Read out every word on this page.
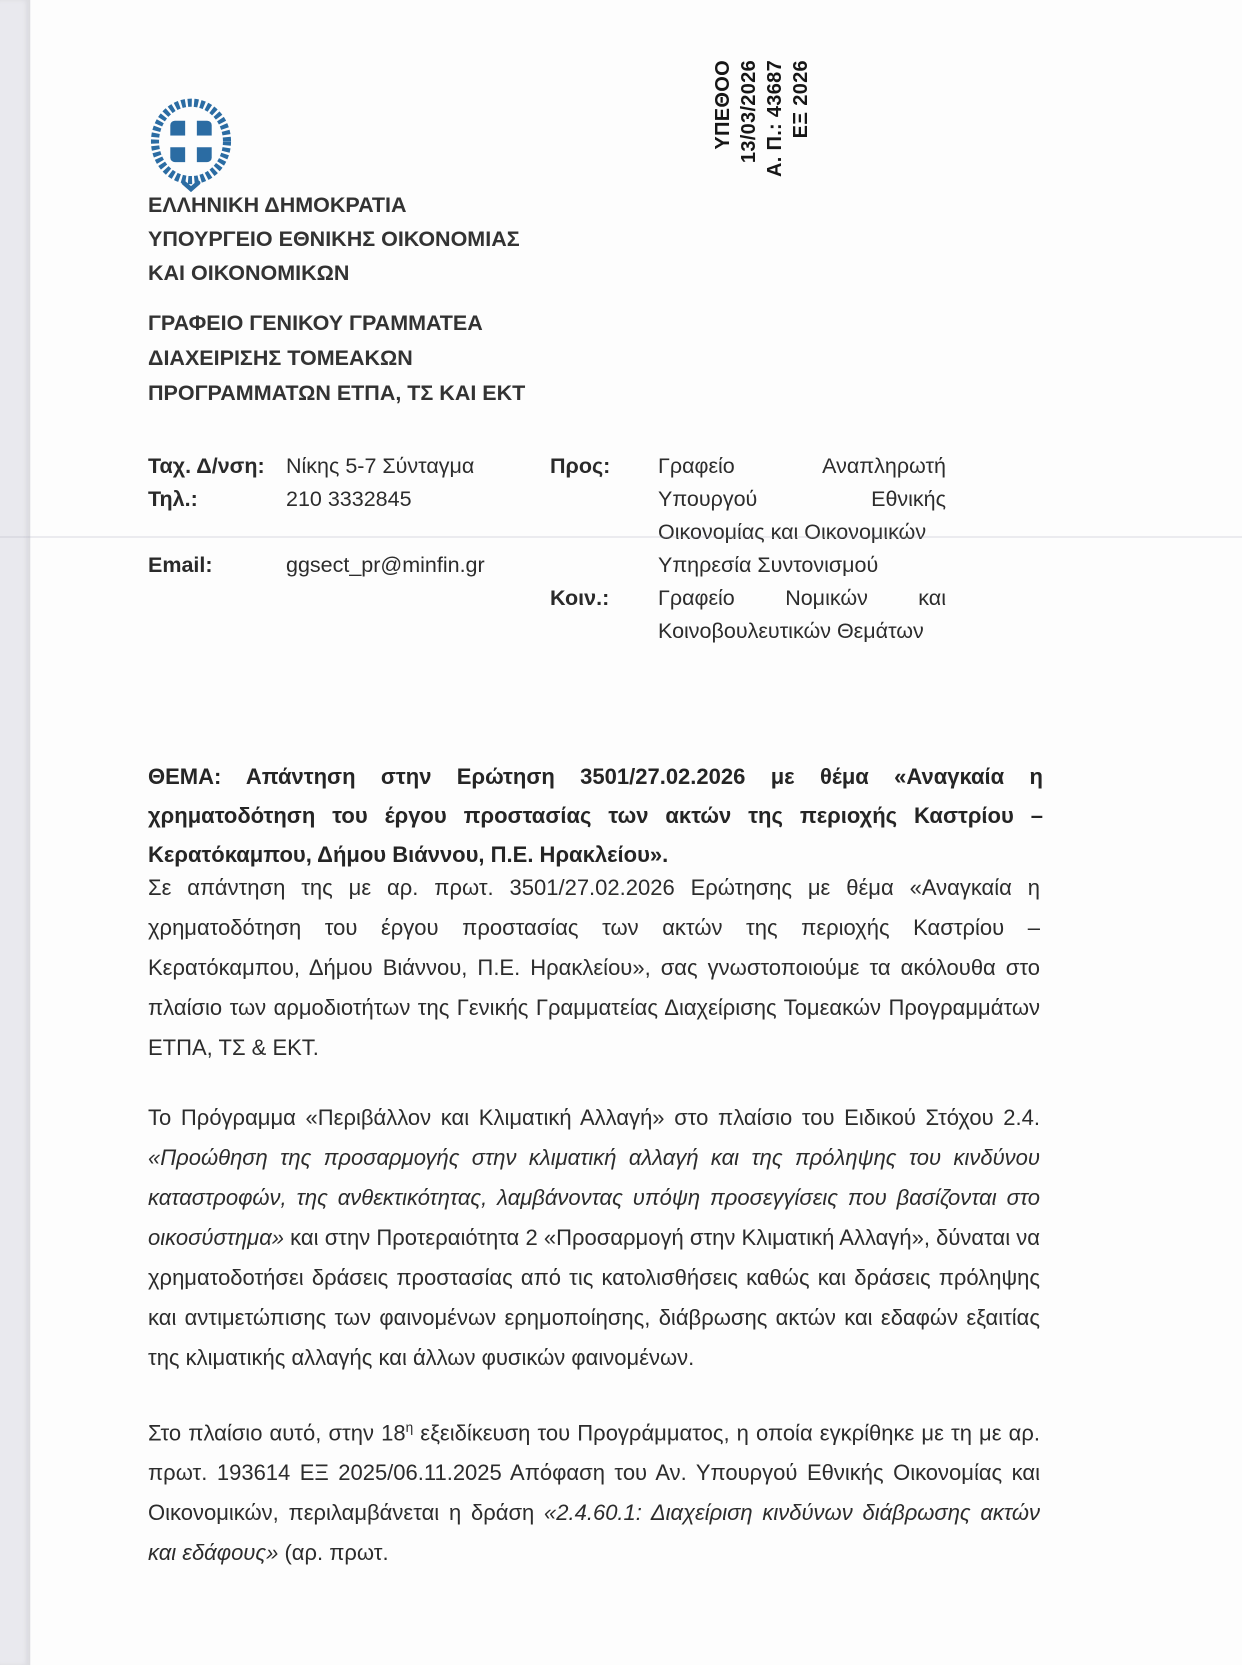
ΥΠΕΘΟΟ 13/03/2026 Α. Π.: 43687 ΕΞ 2026
ΕΛΛΗΝΙΚΗ ΔΗΜΟΚΡΑΤΙΑ
ΥΠΟΥΡΓΕΙΟ ΕΘΝΙΚΗΣ ΟΙΚΟΝΟΜΙΑΣ
ΚΑΙ ΟΙΚΟΝΟΜΙΚΩΝ
ΓΡΑΦΕΙΟ ΓΕΝΙΚΟΥ ΓΡΑΜΜΑΤΕΑ
ΔΙΑΧΕΙΡΙΣΗΣ ΤΟΜΕΑΚΩΝ
ΠΡΟΓΡΑΜΜΑΤΩΝ ΕΤΠΑ, ΤΣ ΚΑΙ ΕΚΤ
Ταχ. Δ/νση: Νίκης 5-7 Σύνταγμα
Τηλ.:	210 3332845
Email:	ggsect_pr@minfin.gr
Προς:	Γραφείο Αναπληρωτή Υπουργού Εθνικής Οικονομίας και Οικονομικών
Υπηρεσία Συντονισμού
Κοιν.:	Γραφείο Νομικών και Κοινοβουλευτικών Θεμάτων
ΘΕΜΑ: Απάντηση στην Ερώτηση 3501/27.02.2026 με θέμα «Αναγκαία η χρηματοδότηση του έργου προστασίας των ακτών της περιοχής Καστρίου – Κερατόκαμπου, Δήμου Βιάννου, Π.Ε. Ηρακλείου».

Σε απάντηση της με αρ. πρωτ. 3501/27.02.2026 Ερώτησης με θέμα «Αναγκαία η χρηματοδότηση του έργου προστασίας των ακτών της περιοχής Καστρίου – Κερατόκαμπου, Δήμου Βιάννου, Π.Ε. Ηρακλείου», σας γνωστοποιούμε τα ακόλουθα στο πλαίσιο των αρμοδιοτήτων της Γενικής Γραμματείας Διαχείρισης Τομεακών Προγραμμάτων ΕΤΠΑ, ΤΣ & ΕΚΤ.

Το Πρόγραμμα «Περιβάλλον και Κλιματική Αλλαγή» στο πλαίσιο του Ειδικού Στόχου 2.4. «Προώθηση της προσαρμογής στην κλιματική αλλαγή και της πρόληψης του κινδύνου καταστροφών, της ανθεκτικότητας, λαμβάνοντας υπόψη προσεγγίσεις που βασίζονται στο οικοσύστημα» και στην Προτεραιότητα 2 «Προσαρμογή στην Κλιματική Αλλαγή», δύναται να χρηματοδοτήσει δράσεις προστασίας από τις κατολισθήσεις καθώς και δράσεις πρόληψης και αντιμετώπισης των φαινομένων ερημοποίησης, διάβρωσης ακτών και εδαφών εξαιτίας της κλιματικής αλλαγής και άλλων φυσικών φαινομένων.

Στο πλαίσιο αυτό, στην $18^\eta$ εξειδίκευση του Προγράμματος, η οποία εγκρίθηκε με τη με αρ. πρωτ. 193614 ΕΞ 2025/06.11.2025 Απόφαση του Αν. Υπουργού Εθνικής Οικονομίας και Οικονομικών, περιλαμβάνεται η δράση «2.4.60.1: Διαχείριση κινδύνων διάβρωσης ακτών και εδάφους» (αρ. πρωτ.
